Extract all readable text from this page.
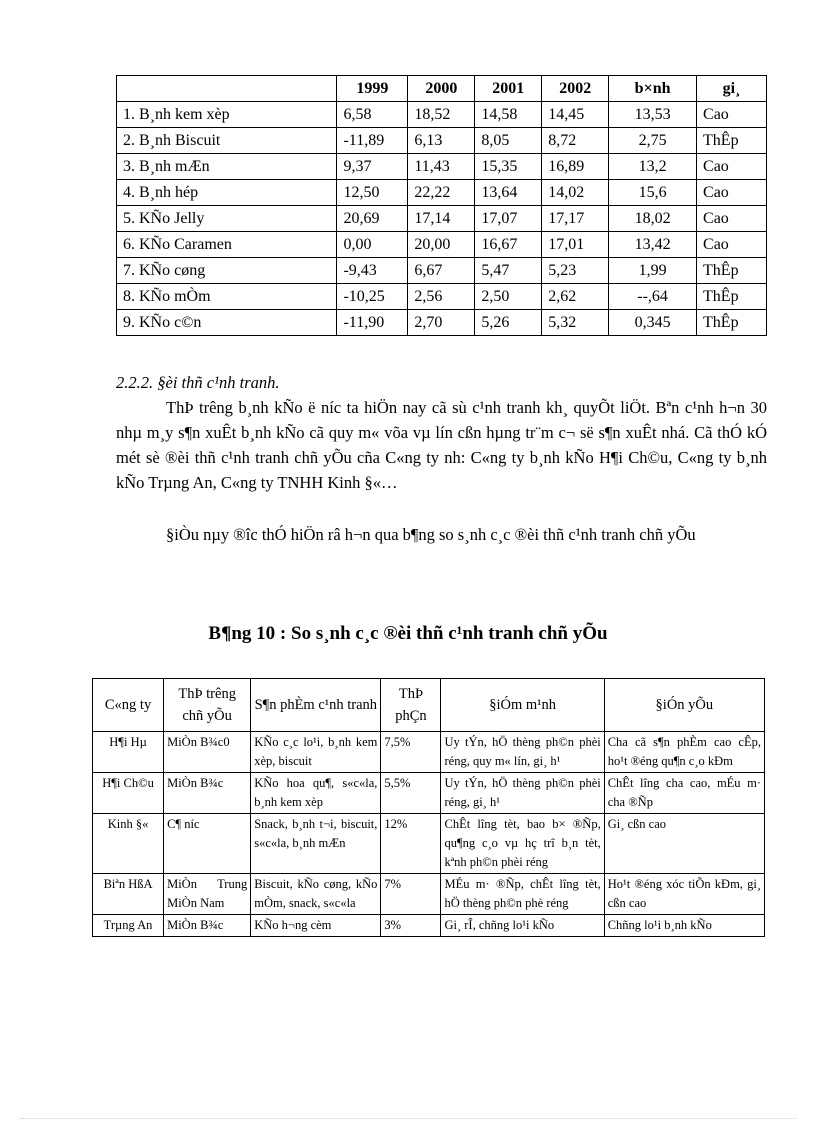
	1999	2000	2001	2002	b×nh	gi¸
1. B¸nh kem xèp	6,58	18,52	14,58	14,45	13,53	Cao
2. B¸nh Biscuit	-11,89	6,13	8,05	8,72	2,75	ThÊp
3. B¸nh mÆn	9,37	11,43	15,35	16,89	13,2	Cao
4. B¸nh hép	12,50	22,22	13,64	14,02	15,6	Cao
5. KÑo Jelly	20,69	17,14	17,07	17,17	18,02	Cao
6. KÑo Caramen	0,00	20,00	16,67	17,01	13,42	Cao
7. KÑo cøng	-9,43	6,67	5,47	5,23	1,99	ThÊp
8. KÑo mÒm	-10,25	2,56	2,50	2,62	--,64	ThÊp
9. KÑo c©n	-11,90	2,70	5,26	5,32	0,345	ThÊp

2.2.2. §èi thñ c¹nh tranh.

ThÞ trêng b¸nh kÑo ë níc ta hiÖn nay cã sù c¹nh tranh kh¸ quyÕt liÖt. Bªn c¹nh h¬n 30 nhµ m¸y s¶n xuÊt b¸nh kÑo cã quy m« võa vµ lín cßn hµng tr¨m c¬ së s¶n xuÊt nhá. Cã thÓ kÓ mét sè ®èi thñ c¹nh tranh chñ yÕu cña C«ng ty nh: C«ng ty b¸nh kÑo H¶i Ch©u, C«ng ty b¸nh kÑo Trµng An, C«ng ty TNHH Kinh §«…

§iÒu nµy ®îc thÓ hiÖn râ h¬n qua b¶ng so s¸nh c¸c ®èi thñ c¹nh tranh chñ yÕu

B¶ng 10 : So s¸nh c¸c ®èi thñ c¹nh tranh chñ yÕu
C«ng ty	ThÞ trêng chñ yÕu	S¶n phÈm c¹nh tranh	ThÞ phÇn	§iÓm m¹nh	§iÓn yÕu
H¶i Hµ	MiÒn B¾c0	KÑo c¸c lo¹i, b¸nh kem xèp, biscuit	7,5%	Uy tÝn, hÖ thèng ph©n phèi réng, quy m« lín, gi¸ h¹	Cha cã s¶n phÈm cao cÊp, ho¹t ®éng qu¶n c¸o kÐm
H¶i Ch©u	MiÒn B¾c	KÑo hoa qu¶, s«c«la, b¸nh kem xèp	5,5%	Uy tÝn, hÖ thèng ph©n phèi réng, gi¸ h¹	ChÊt lîng cha cao, mÉu m· cha ®Ñp
Kinh §«	C¶ níc	Snack, b¸nh t¬i, biscuit, s«c«la, b¸nh mÆn	12%	ChÊt lîng tèt, bao b× ®Ñp, qu¶ng c¸o vµ hç trî b¸n tèt, kªnh ph©n phèi réng	Gi¸ cßn cao
Biªn HßA	MiÒn Trung MiÒn Nam	Biscuit, kÑo cøng, kÑo mÒm, snack, s«c«la	7%	MÉu m· ®Ñp, chÊt lîng tèt, hÖ thèng ph©n phè réng	Ho¹t ®éng xóc tiÕn kÐm, gi¸ cßn cao
Trµng An	MiÒn B¾c	KÑo h¬ng cèm	3%	Gi¸ rÎ, chñng lo¹i kÑo	Chñng lo¹i b¸nh kÑo
